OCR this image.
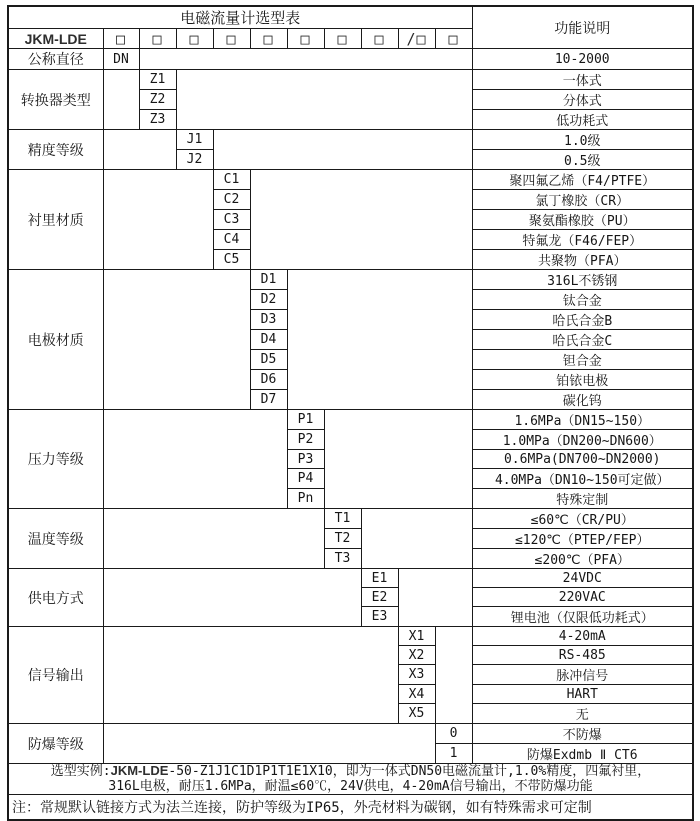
电磁流量计选型表											功能说明
JKM-LDE	□	□	□	□	□	□	□	□	/□	□	
公称直径	DN										10-2000
转换器类型		Z1									一体式
		Z2									分体式
		Z3									低功耗式
精度等级			J1								1.0级
			J2								0.5级
衬里材质				C1							聚四氟乙烯（F4/PTFE）
				C2							氯丁橡胶（CR）
				C3							聚氨酯橡胶（PU）
				C4							特氟龙（F46/FEP）
				C5							共聚物（PFA）
电极材质					D1						316L不锈钢
					D2						钛合金
					D3						哈氏合金B
					D4						哈氏合金C
					D5						钽合金
					D6						铂铱电极
					D7						碳化钨
压力等级						P1					1.6MPa（DN15~150）
						P2					1.0MPa（DN200~DN600）
						P3					0.6MPa(DN700~DN2000)
						P4					4.0MPa（DN10~150可定做）
						Pn					特殊定制
温度等级							T1				≤60℃（CR/PU）
							T2				≤120℃（PTEP/FEP）
							T3				≤200℃（PFA）
供电方式								E1			24VDC
								E2			220VAC
								E3			锂电池（仅限低功耗式）
信号输出									X1		4-20mA
									X2		RS-485
									X3		脉冲信号
									X4		HART
									X5		无
防爆等级										0	不防爆
										1	防爆Exdmb Ⅱ CT6

选型实例:JKM-LDE-50-Z1J1C1D1P1T1E1X10，即为一体式DN50电磁流量计,1.0%精度，四氟衬里，
316L电极，耐压1.6MPa，耐温≤60℃，24V供电，4-20mA信号输出，不带防爆功能											

注：常规默认链接方式为法兰连接，防护等级为IP65，外壳材料为碳钢，如有特殊需求可定制											
